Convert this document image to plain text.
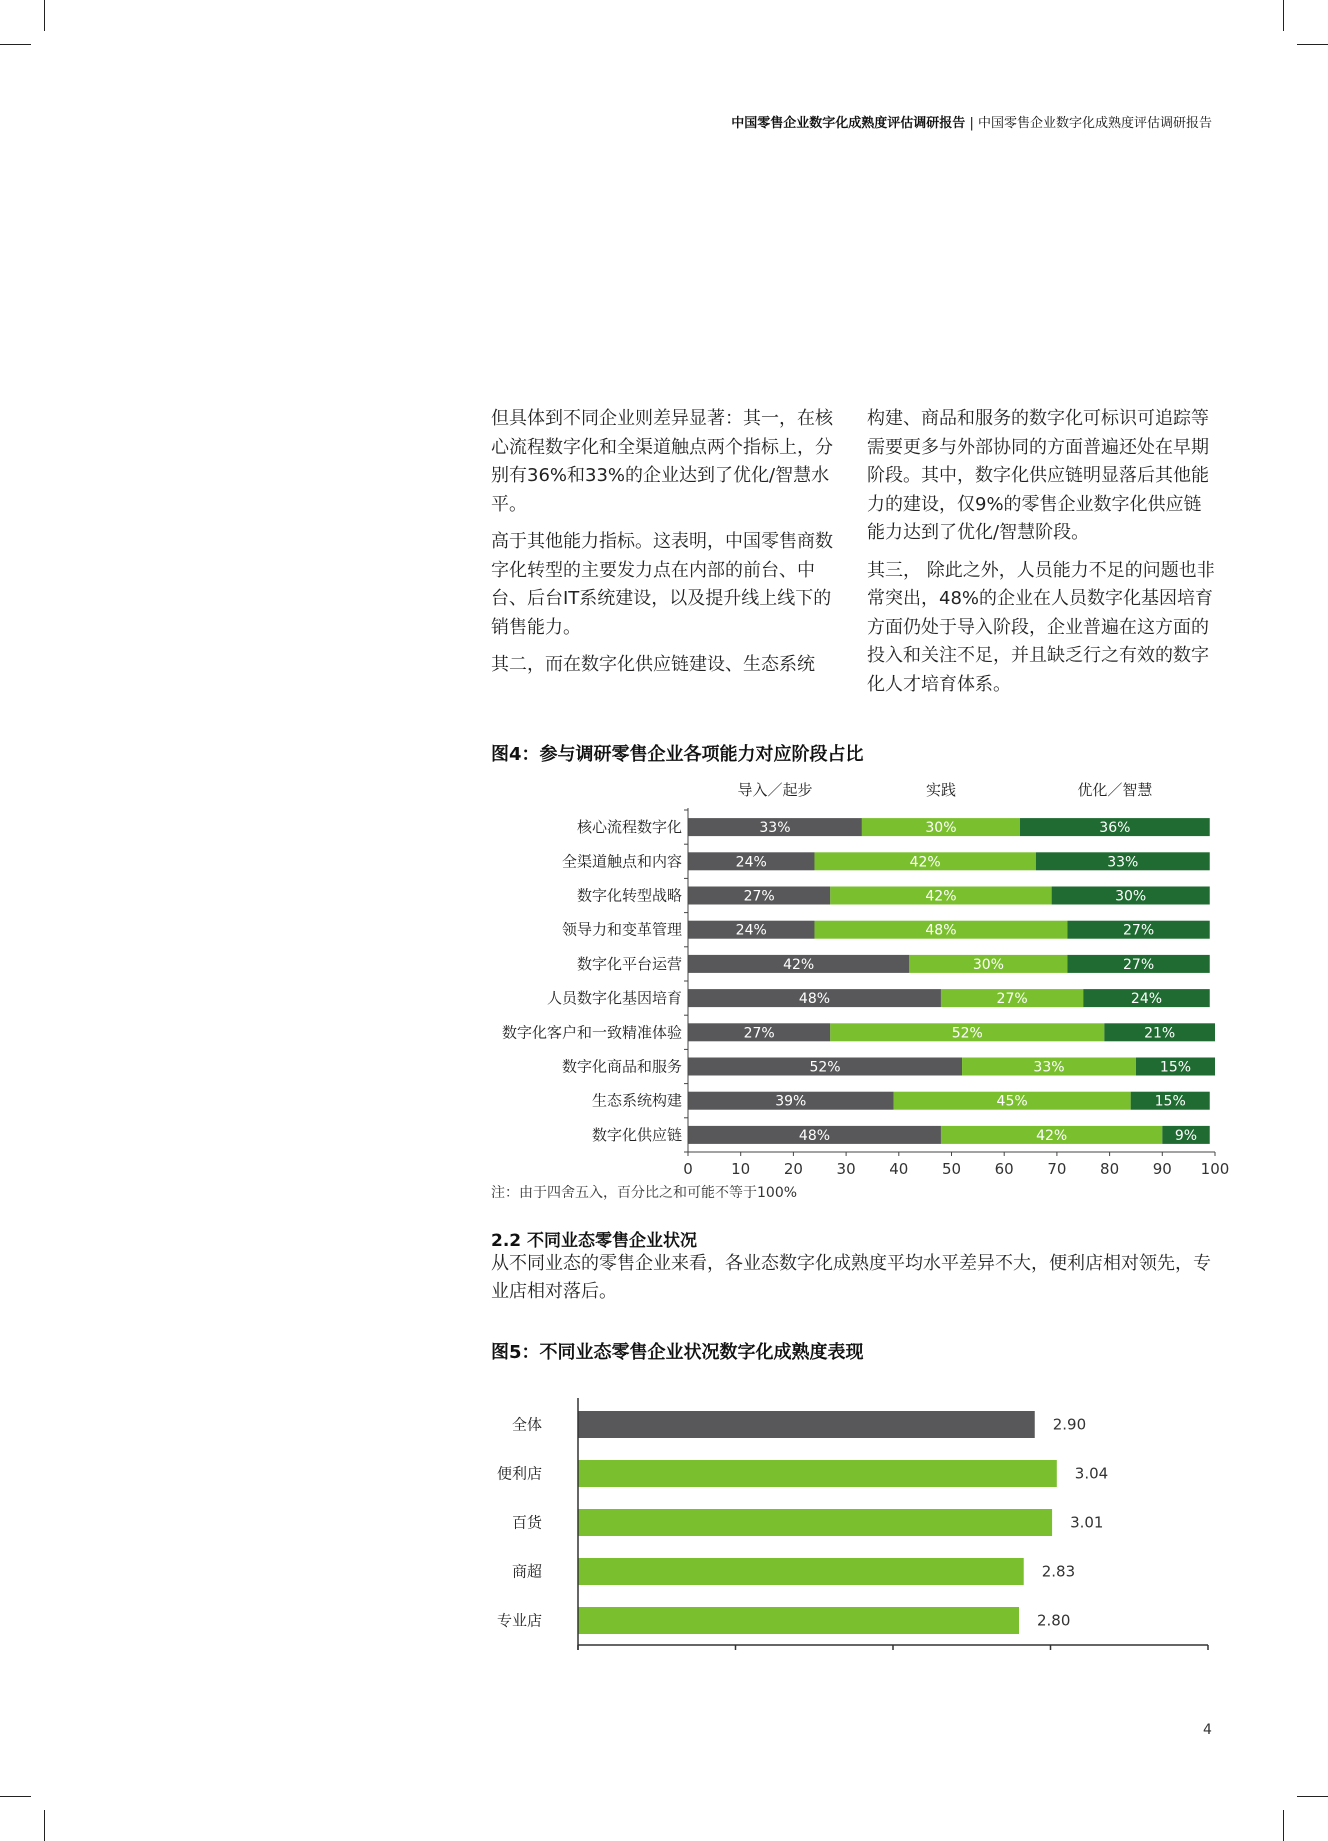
中国零售企业数字化成熟度评估调研报告 | 中国零售企业数字化成熟度评估调研报告

但具体到不同企业则差异显著：其一，在核心流程数字化和全渠道触点两个指标上，分别有36%和33%的企业达到了优化/智慧水平。

高于其他能力指标。这表明，中国零售商数字化转型的主要发力点在内部的前台、中台、后台IT系统建设，以及提升线上线下的销售能力。

其二，而在数字化供应链建设、生态系统

构建、商品和服务的数字化可标识可追踪等需要更多与外部协同的方面普遍还处在早期阶段。其中，数字化供应链明显落后其他能力的建设，仅9%的零售企业数字化供应链能力达到了优化/智慧阶段。

其三， 除此之外，人员能力不足的问题也非常突出，48%的企业在人员数字化基因培育方面仍处于导入阶段，企业普遍在这方面的投入和关注不足，并且缺乏行之有效的数字化人才培育体系。

图4：参与调研零售企业各项能力对应阶段占比
导入／起步	实践	优化／智慧
核心流程数字化	33%	30%	36%
全渠道触点和内容	24%	42%	33%
数字化转型战略	27%	42%	30%
领导力和变革管理	24%	48%	27%
数字化平台运营	42%	30%	27%
人员数字化基因培育	48%	27%	24%
数字化客户和一致精准体验	27%	52%	21%
数字化商品和服务	52%	33%	15%
生态系统构建	39%	45%	15%
数字化供应链	48%	42%	9%
0	10 20 30 40 50 60 70 80 90 100
注：由于四舍五入，百分比之和可能不等于100%
2.2 不同业态零售企业状况
从不同业态的零售企业来看，各业态数字化成熟度平均水平差异不大，便利店相对领先，专业店相对落后。
图5：不同业态零售企业状况数字化成熟度表现
全体	2.90
便利店	3.04
百货	3.01
商超	2.83
专业店	2.80
4
